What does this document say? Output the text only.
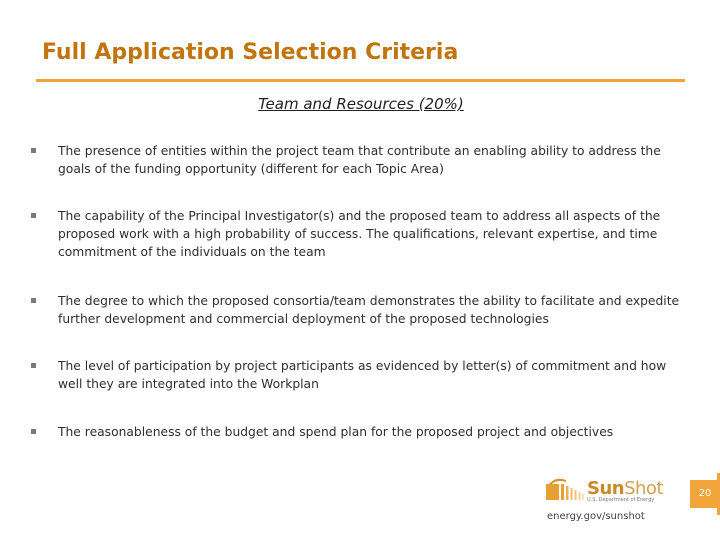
Full Application Selection Criteria
Team and Resources (20%)
The presence of entities within the project team that contribute an enabling ability to address the goals of the funding opportunity (different for each Topic Area)
The capability of the Principal Investigator(s) and the proposed team to address all aspects of the proposed work with a high probability of success. The qualifications, relevant expertise, and time commitment of the individuals on the team
The degree to which the proposed consortia/team demonstrates the ability to facilitate and expedite further development and commercial deployment of the proposed technologies
The level of participation by project participants as evidenced by letter(s) of commitment and how well they are integrated into the Workplan
The reasonableness of the budget and spend plan for the proposed project and objectives
SunShot
U.S. Department of Energy
20
energy.gov/sunshot
